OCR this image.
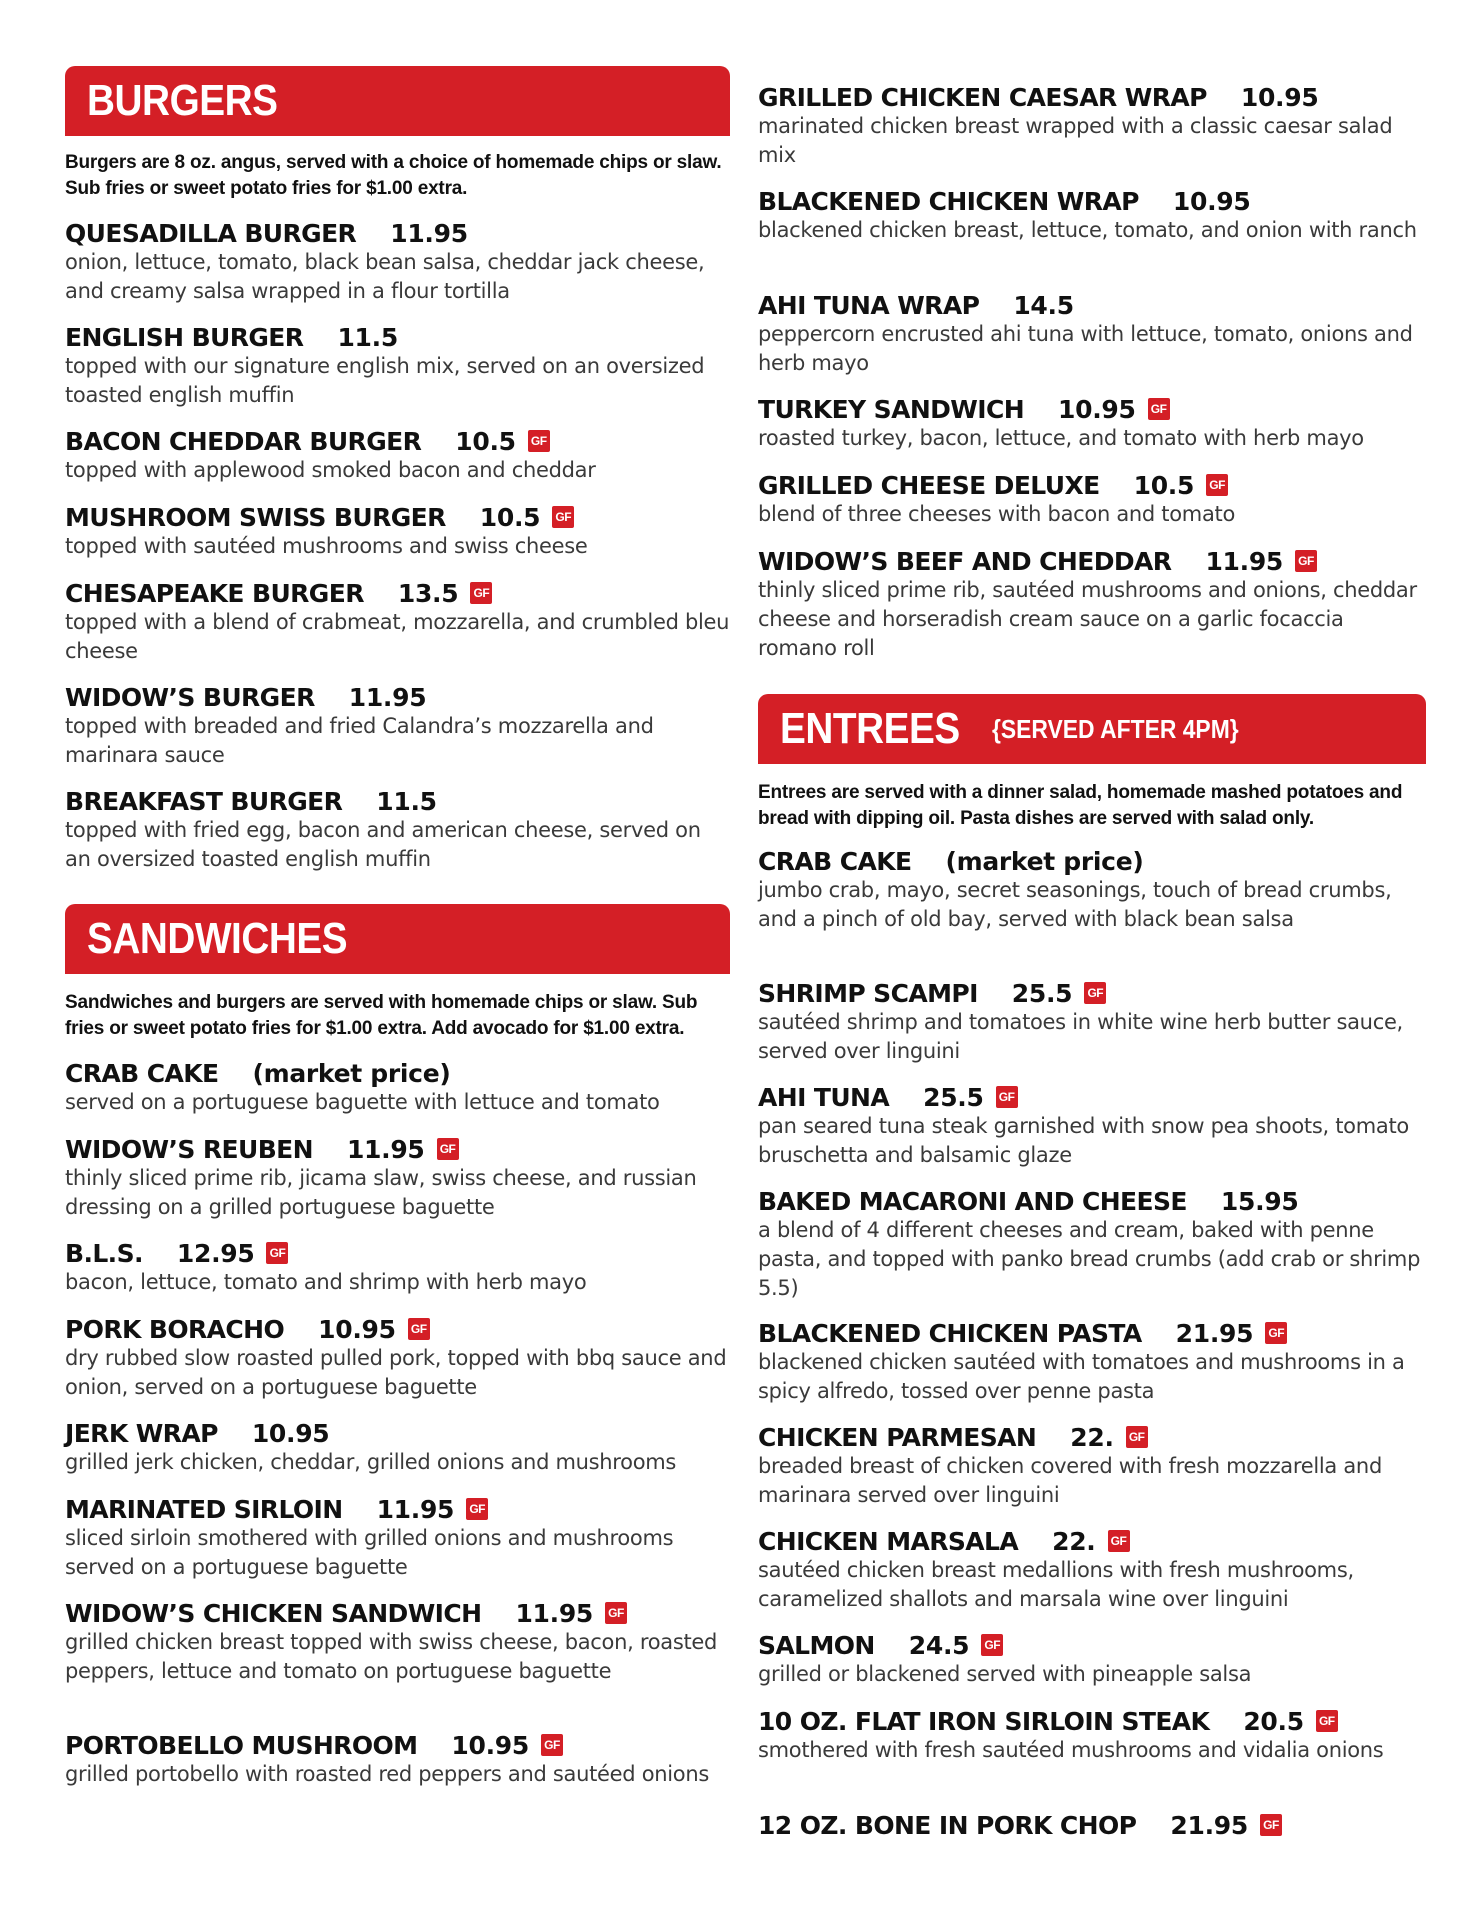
BURGERS
Burgers are 8 oz. angus, served with a choice of homemade chips or slaw. Sub fries or sweet potato fries for $1.00 extra.
QUESADILLA BURGER 11.95
onion, lettuce, tomato, black bean salsa, cheddar jack cheese, and creamy salsa wrapped in a flour tortilla
ENGLISH BURGER 11.5
topped with our signature english mix, served on an oversized toasted english muffin
BACON CHEDDAR BURGER 10.5 GF
topped with applewood smoked bacon and cheddar
MUSHROOM SWISS BURGER 10.5 GF
topped with sautéed mushrooms and swiss cheese
CHESAPEAKE BURGER 13.5 GF
topped with a blend of crabmeat, mozzarella, and crumbled bleu cheese
WIDOW’S BURGER 11.95
topped with breaded and fried Calandra’s mozzarella and marinara sauce
BREAKFAST BURGER 11.5
topped with fried egg, bacon and american cheese, served on an oversized toasted english muffin
SANDWICHES
Sandwiches and burgers are served with homemade chips or slaw. Sub fries or sweet potato fries for $1.00 extra. Add avocado for $1.00 extra.
CRAB CAKE (market price)
served on a portuguese baguette with lettuce and tomato
WIDOW’S REUBEN 11.95 GF
thinly sliced prime rib, jicama slaw, swiss cheese, and russian dressing on a grilled portuguese baguette
B.L.S. 12.95 GF
bacon, lettuce, tomato and shrimp with herb mayo
PORK BORACHO 10.95 GF
dry rubbed slow roasted pulled pork, topped with bbq sauce and onion, served on a portuguese baguette
JERK WRAP 10.95
grilled jerk chicken, cheddar, grilled onions and mushrooms
MARINATED SIRLOIN 11.95 GF
sliced sirloin smothered with grilled onions and mushrooms served on a portuguese baguette
WIDOW’S CHICKEN SANDWICH 11.95 GF
grilled chicken breast topped with swiss cheese, bacon, roasted peppers, lettuce and tomato on portuguese baguette
PORTOBELLO MUSHROOM 10.95 GF
grilled portobello with roasted red peppers and sautéed onions
GRILLED CHICKEN CAESAR WRAP 10.95
marinated chicken breast wrapped with a classic caesar salad mix
BLACKENED CHICKEN WRAP 10.95
blackened chicken breast, lettuce, tomato, and onion with ranch
AHI TUNA WRAP 14.5
peppercorn encrusted ahi tuna with lettuce, tomato, onions and herb mayo
TURKEY SANDWICH 10.95 GF
roasted turkey, bacon, lettuce, and tomato with herb mayo
GRILLED CHEESE DELUXE 10.5 GF
blend of three cheeses with bacon and tomato
WIDOW’S BEEF AND CHEDDAR 11.95 GF
thinly sliced prime rib, sautéed mushrooms and onions, cheddar cheese and horseradish cream sauce on a garlic focaccia romano roll
ENTREES {SERVED AFTER 4PM}
Entrees are served with a dinner salad, homemade mashed potatoes and bread with dipping oil. Pasta dishes are served with salad only.
CRAB CAKE (market price)
jumbo crab, mayo, secret seasonings, touch of bread crumbs, and a pinch of old bay, served with black bean salsa
SHRIMP SCAMPI 25.5 GF
sautéed shrimp and tomatoes in white wine herb butter sauce, served over linguini
AHI TUNA 25.5 GF
pan seared tuna steak garnished with snow pea shoots, tomato bruschetta and balsamic glaze
BAKED MACARONI AND CHEESE 15.95
a blend of 4 different cheeses and cream, baked with penne pasta, and topped with panko bread crumbs (add crab or shrimp 5.5)
BLACKENED CHICKEN PASTA 21.95 GF
blackened chicken sautéed with tomatoes and mushrooms in a spicy alfredo, tossed over penne pasta
CHICKEN PARMESAN 22. GF
breaded breast of chicken covered with fresh mozzarella and marinara served over linguini
CHICKEN MARSALA 22. GF
sautéed chicken breast medallions with fresh mushrooms, caramelized shallots and marsala wine over linguini
SALMON 24.5 GF
grilled or blackened served with pineapple salsa
10 OZ. FLAT IRON SIRLOIN STEAK 20.5 GF
smothered with fresh sautéed mushrooms and vidalia onions
12 OZ. BONE IN PORK CHOP 21.95 GF
